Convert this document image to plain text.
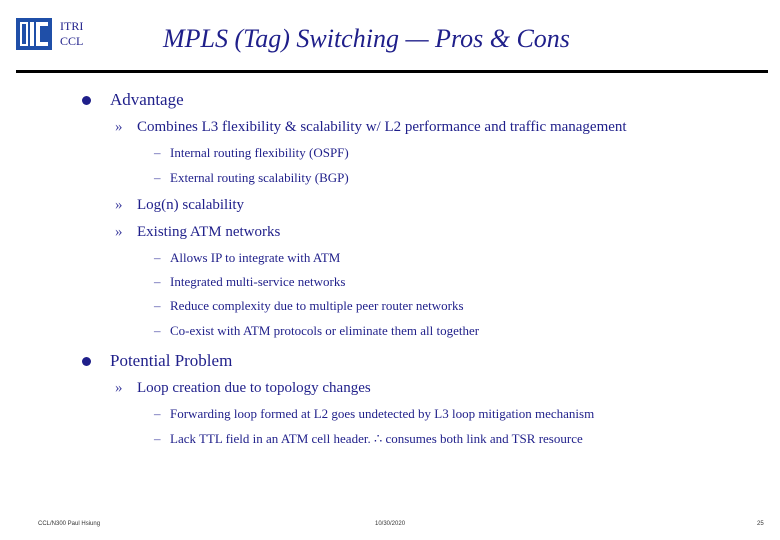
ITRI
CCL	MPLS (Tag) Switching — Pros & Cons
Advantage
» Combines L3 flexibility & scalability w/ L2 performance and traffic management
– Internal routing flexibility (OSPF)
– External routing scalability (BGP)
» Log(n) scalability
» Existing ATM networks
– Allows IP to integrate with ATM
– Integrated multi-service networks
– Reduce complexity due to multiple peer router networks
– Co-exist with ATM protocols or eliminate them all together
Potential Problem
» Loop creation due to topology changes
– Forwarding loop formed at L2 goes undetected by L3 loop mitigation mechanism
– Lack TTL field in an ATM cell header. ∴ consumes both link and TSR resource
CCL/N300 Paul Hsiung	10/30/2020	25
